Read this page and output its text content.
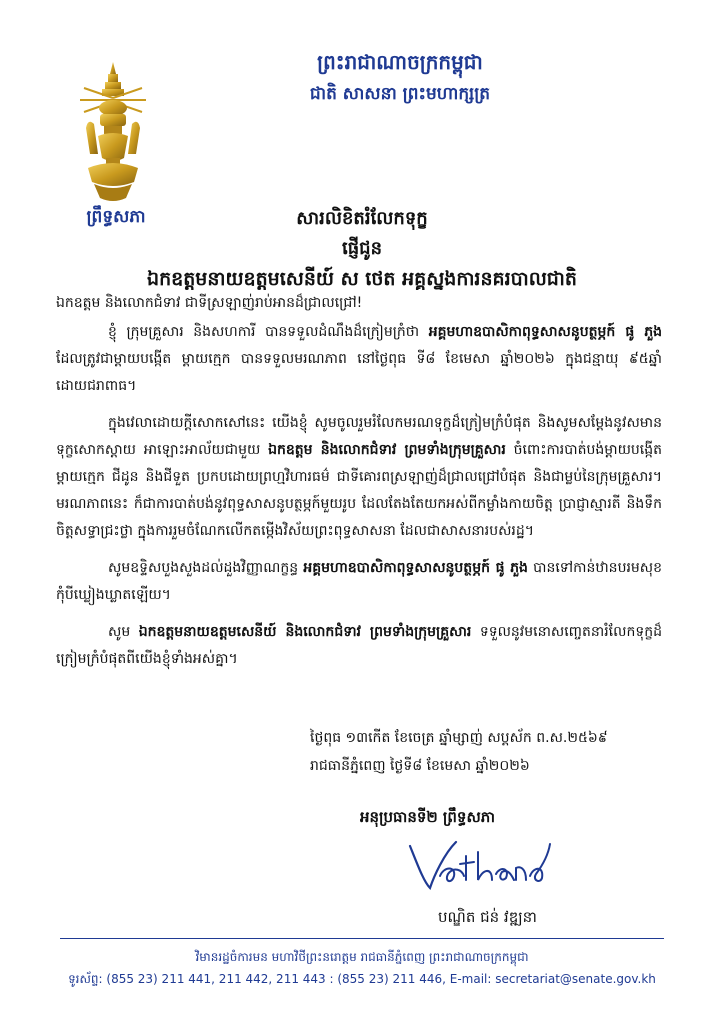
ព្រឹទ្ធសភា
ព្រះរាជាណាចក្រកម្ពុជា
ជាតិ សាសនា ព្រះមហាក្សត្រ
សារលិខិតរំលែកទុក្ខ
ផ្ញើជូន
ឯកឧត្តមនាយឧត្តមសេនីយ៍ ស ថេត អគ្គស្នងការនគរបាលជាតិ

ឯកឧត្តម និងលោកជំទាវ ជាទីស្រឡាញ់រាប់អានដ៏ជ្រាលជ្រៅ!

ខ្ញុំ ក្រុមគ្រួសារ និងសហការី បានទទួលដំណឹងដ៏ក្រៀមក្រំថា អគ្គមហាឧបាសិកាពុទ្ធសាសនូបត្ថម្ភក៍ ផូ ភួង ដែលត្រូវជាម្ដាយបង្កើត ម្ដាយក្មេក បានទទួលមរណភាព នៅថ្ងៃពុធ ទី៨ ខែមេសា ឆ្នាំ២០២៦ ក្នុងជន្មាយុ ៩៥ឆ្នាំ ដោយជរាពាធ។

ក្នុងវេលាដោយក្ដីសោកសៅនេះ យើងខ្ញុំ សូមចូលរួមរំលែកមរណទុក្ខដ៏ក្រៀមក្រំបំផុត និងសូមសម្ដែងនូវសមានទុក្ខសោកស្ដាយ អាឡោះអាល័យជាមួយ ឯកឧត្តម និងលោកជំទាវ ព្រមទាំងក្រុមគ្រួសារ ចំពោះការបាត់បង់ម្ដាយបង្កើត ម្ដាយក្មេក ជីដូន និងជីទួត ប្រកបដោយព្រហ្មវិហារធម៌ ជាទីគោរពស្រឡាញ់ដ៏ជ្រាលជ្រៅបំផុត និងជាម្លប់នៃក្រុមគ្រួសារ។ មរណភាពនេះ ក៏ជាការបាត់បង់នូវពុទ្ធសាសនូបត្ថម្ភក៍មួយរូប ដែលតែងតែយកអស់ពីកម្លាំងកាយចិត្ត ប្រាជ្ញាស្មារតី និងទឹកចិត្តសទ្ធាជ្រះថ្លា ក្នុងការរួមចំណែកលើកតម្កើងវិស័យព្រះពុទ្ធសាសនា ដែលជាសាសនារបស់រដ្ឋ។

សូមឧទ្ទិសបួងសួងដល់ដួងវិញ្ញាណក្ខន្ធ អគ្គមហាឧបាសិកាពុទ្ធសាសនូបត្ថម្ភក៍ ផូ ភួង បានទៅកាន់ឋានបរមសុខ កុំបីឃ្លៀងឃ្លាតឡើយ។

សូម ឯកឧត្តមនាយឧត្តមសេនីយ៍ និងលោកជំទាវ ព្រមទាំងក្រុមគ្រួសារ ទទួលនូវមនោសញ្ចេតនារំលែកទុក្ខដ៏ក្រៀមក្រំបំផុតពីយើងខ្ញុំទាំងអស់គ្នា។

ថ្ងៃពុធ ១៣កើត ខែចេត្រ ឆ្នាំម្សាញ់ សប្តស័ក ព.ស.២៥៦៩
រាជធានីភ្នំពេញ ថ្ងៃទី៨ ខែមេសា ឆ្នាំ២០២៦
អនុប្រធានទី២ ព្រឹទ្ធសភា
បណ្ឌិត ជន់ វឌ្ឍនា
វិមានរដ្ឋចំការមន មហាវិថីព្រះនរោត្តម រាជធានីភ្នំពេញ ព្រះរាជាណាចក្រកម្ពុជា
ទូរស័ព្ទ: (855 23) 211 441, 211 442, 211 443 : (855 23) 211 446, E-mail: secretariat@senate.gov.kh
